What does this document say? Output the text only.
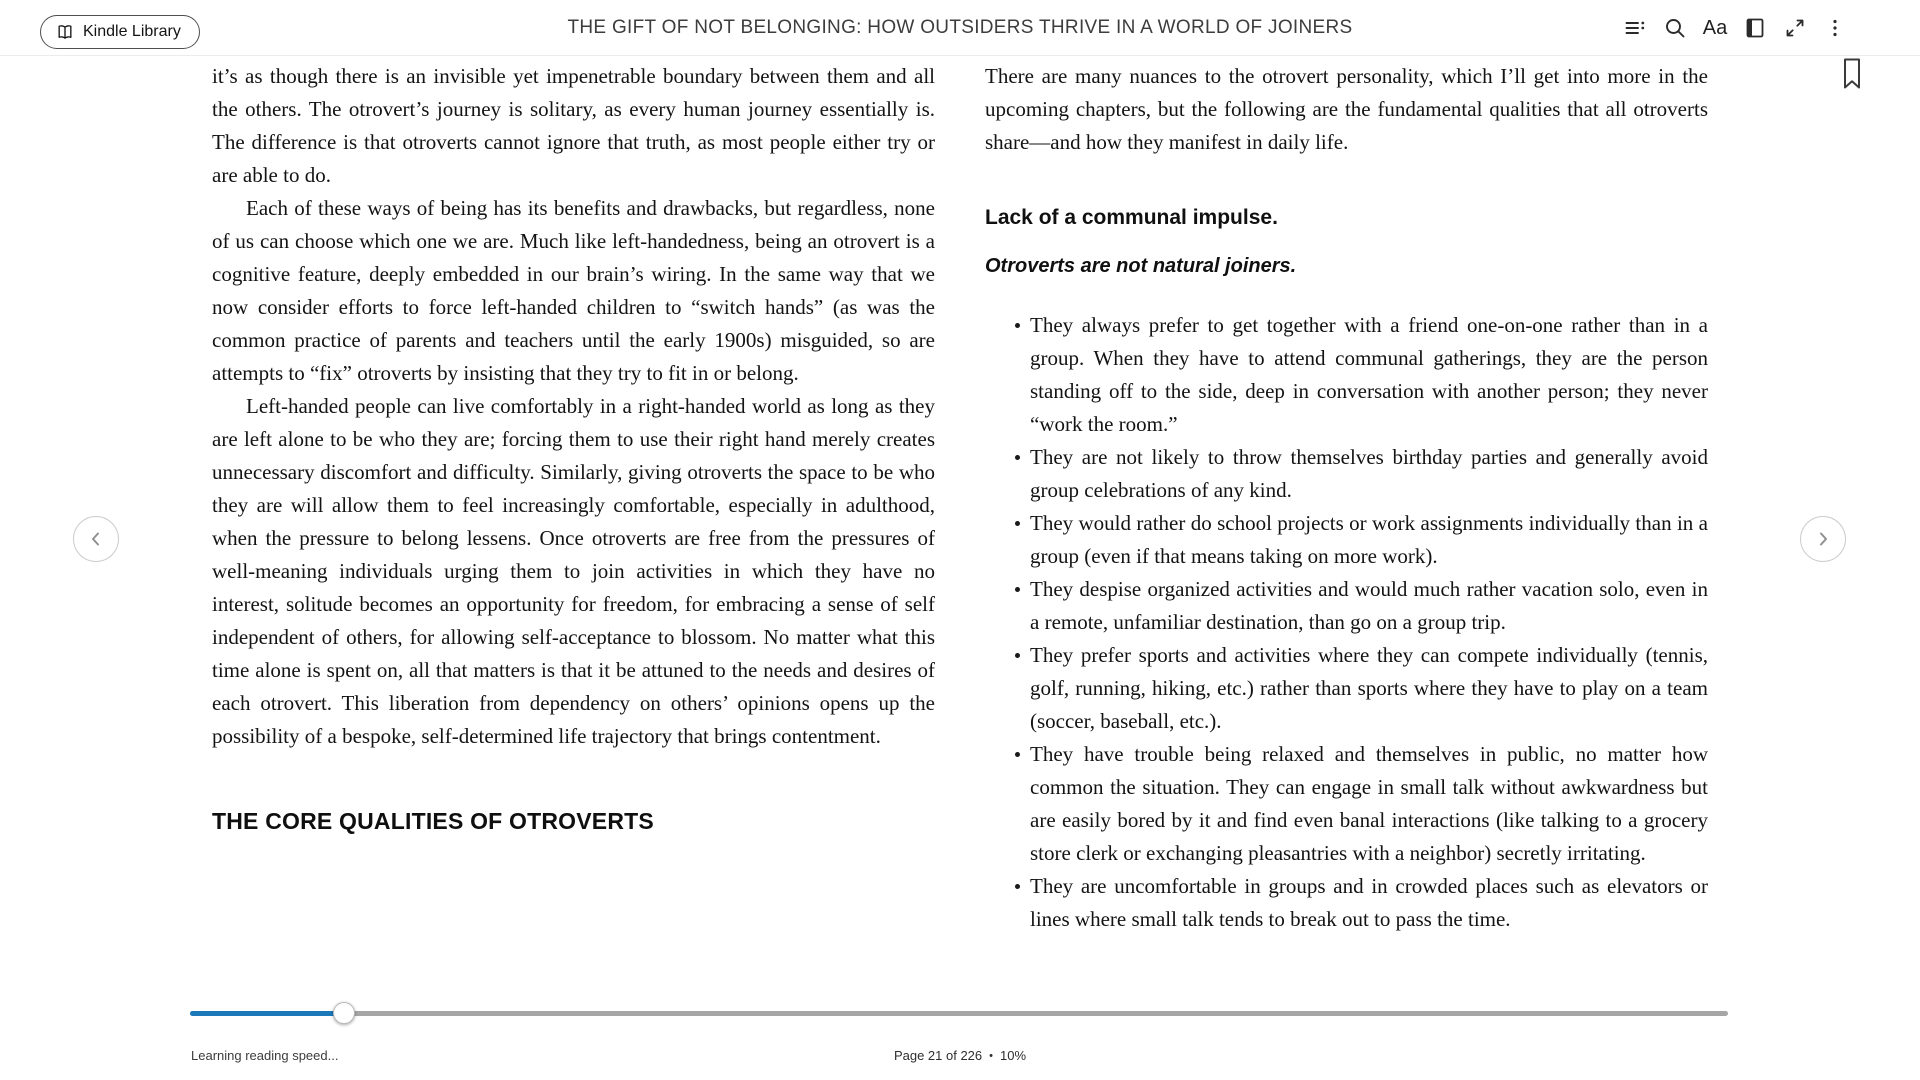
THE GIFT OF NOT BELONGING: HOW OUTSIDERS THRIVE IN A WORLD OF JOINERS
Kindle Library	Aa

it’s as though there is an invisible yet impenetrable boundary between them and all the others. The otrovert’s journey is solitary, as every human journey essentially is. The difference is that otroverts cannot ignore that truth, as most people either try or are able to do.

Each of these ways of being has its benefits and drawbacks, but regardless, none of us can choose which one we are. Much like left-handedness, being an otrovert is a cognitive feature, deeply embedded in our brain’s wiring. In the same way that we now consider efforts to force left-handed children to “switch hands” (as was the common practice of parents and teachers until the early 1900s) misguided, so are attempts to “fix” otroverts by insisting that they try to fit in or belong.

Left-handed people can live comfortably in a right-handed world as long as they are left alone to be who they are; forcing them to use their right hand merely creates unnecessary discomfort and difficulty. Similarly, giving otroverts the space to be who they are will allow them to feel increasingly comfortable, especially in adulthood, when the pressure to belong lessens. Once otroverts are free from the pressures of well-meaning individuals urging them to join activities in which they have no interest, solitude becomes an opportunity for freedom, for embracing a sense of self independent of others, for allowing self-acceptance to blossom. No matter what this time alone is spent on, all that matters is that it be attuned to the needs and desires of each otrovert. This liberation from dependency on others’ opinions opens up the possibility of a bespoke, self-determined life trajectory that brings contentment.

THE CORE QUALITIES OF OTROVERTS

There are many nuances to the otrovert personality, which I’ll get into more in the upcoming chapters, but the following are the fundamental qualities that all otroverts share—and how they manifest in daily life.

Lack of a communal impulse.
Otroverts are not natural joiners.
They always prefer to get together with a friend one-on-one rather than in a group. When they have to attend communal gatherings, they are the person standing off to the side, deep in conversation with another person; they never “work the room.”
They are not likely to throw themselves birthday parties and generally avoid group celebrations of any kind.
They would rather do school projects or work assignments individually than in a group (even if that means taking on more work).
They despise organized activities and would much rather vacation solo, even in a remote, unfamiliar destination, than go on a group trip.
They prefer sports and activities where they can compete individually (tennis, golf, running, hiking, etc.) rather than sports where they have to play on a team (soccer, baseball, etc.).
They have trouble being relaxed and themselves in public, no matter how common the situation. They can engage in small talk without awkwardness but are easily bored by it and find even banal interactions (like talking to a grocery store clerk or exchanging pleasantries with a neighbor) secretly irritating.
They are uncomfortable in groups and in crowded places such as elevators or lines where small talk tends to break out to pass the time.
Learning reading speed...	Page 21 of 226 • 10%
